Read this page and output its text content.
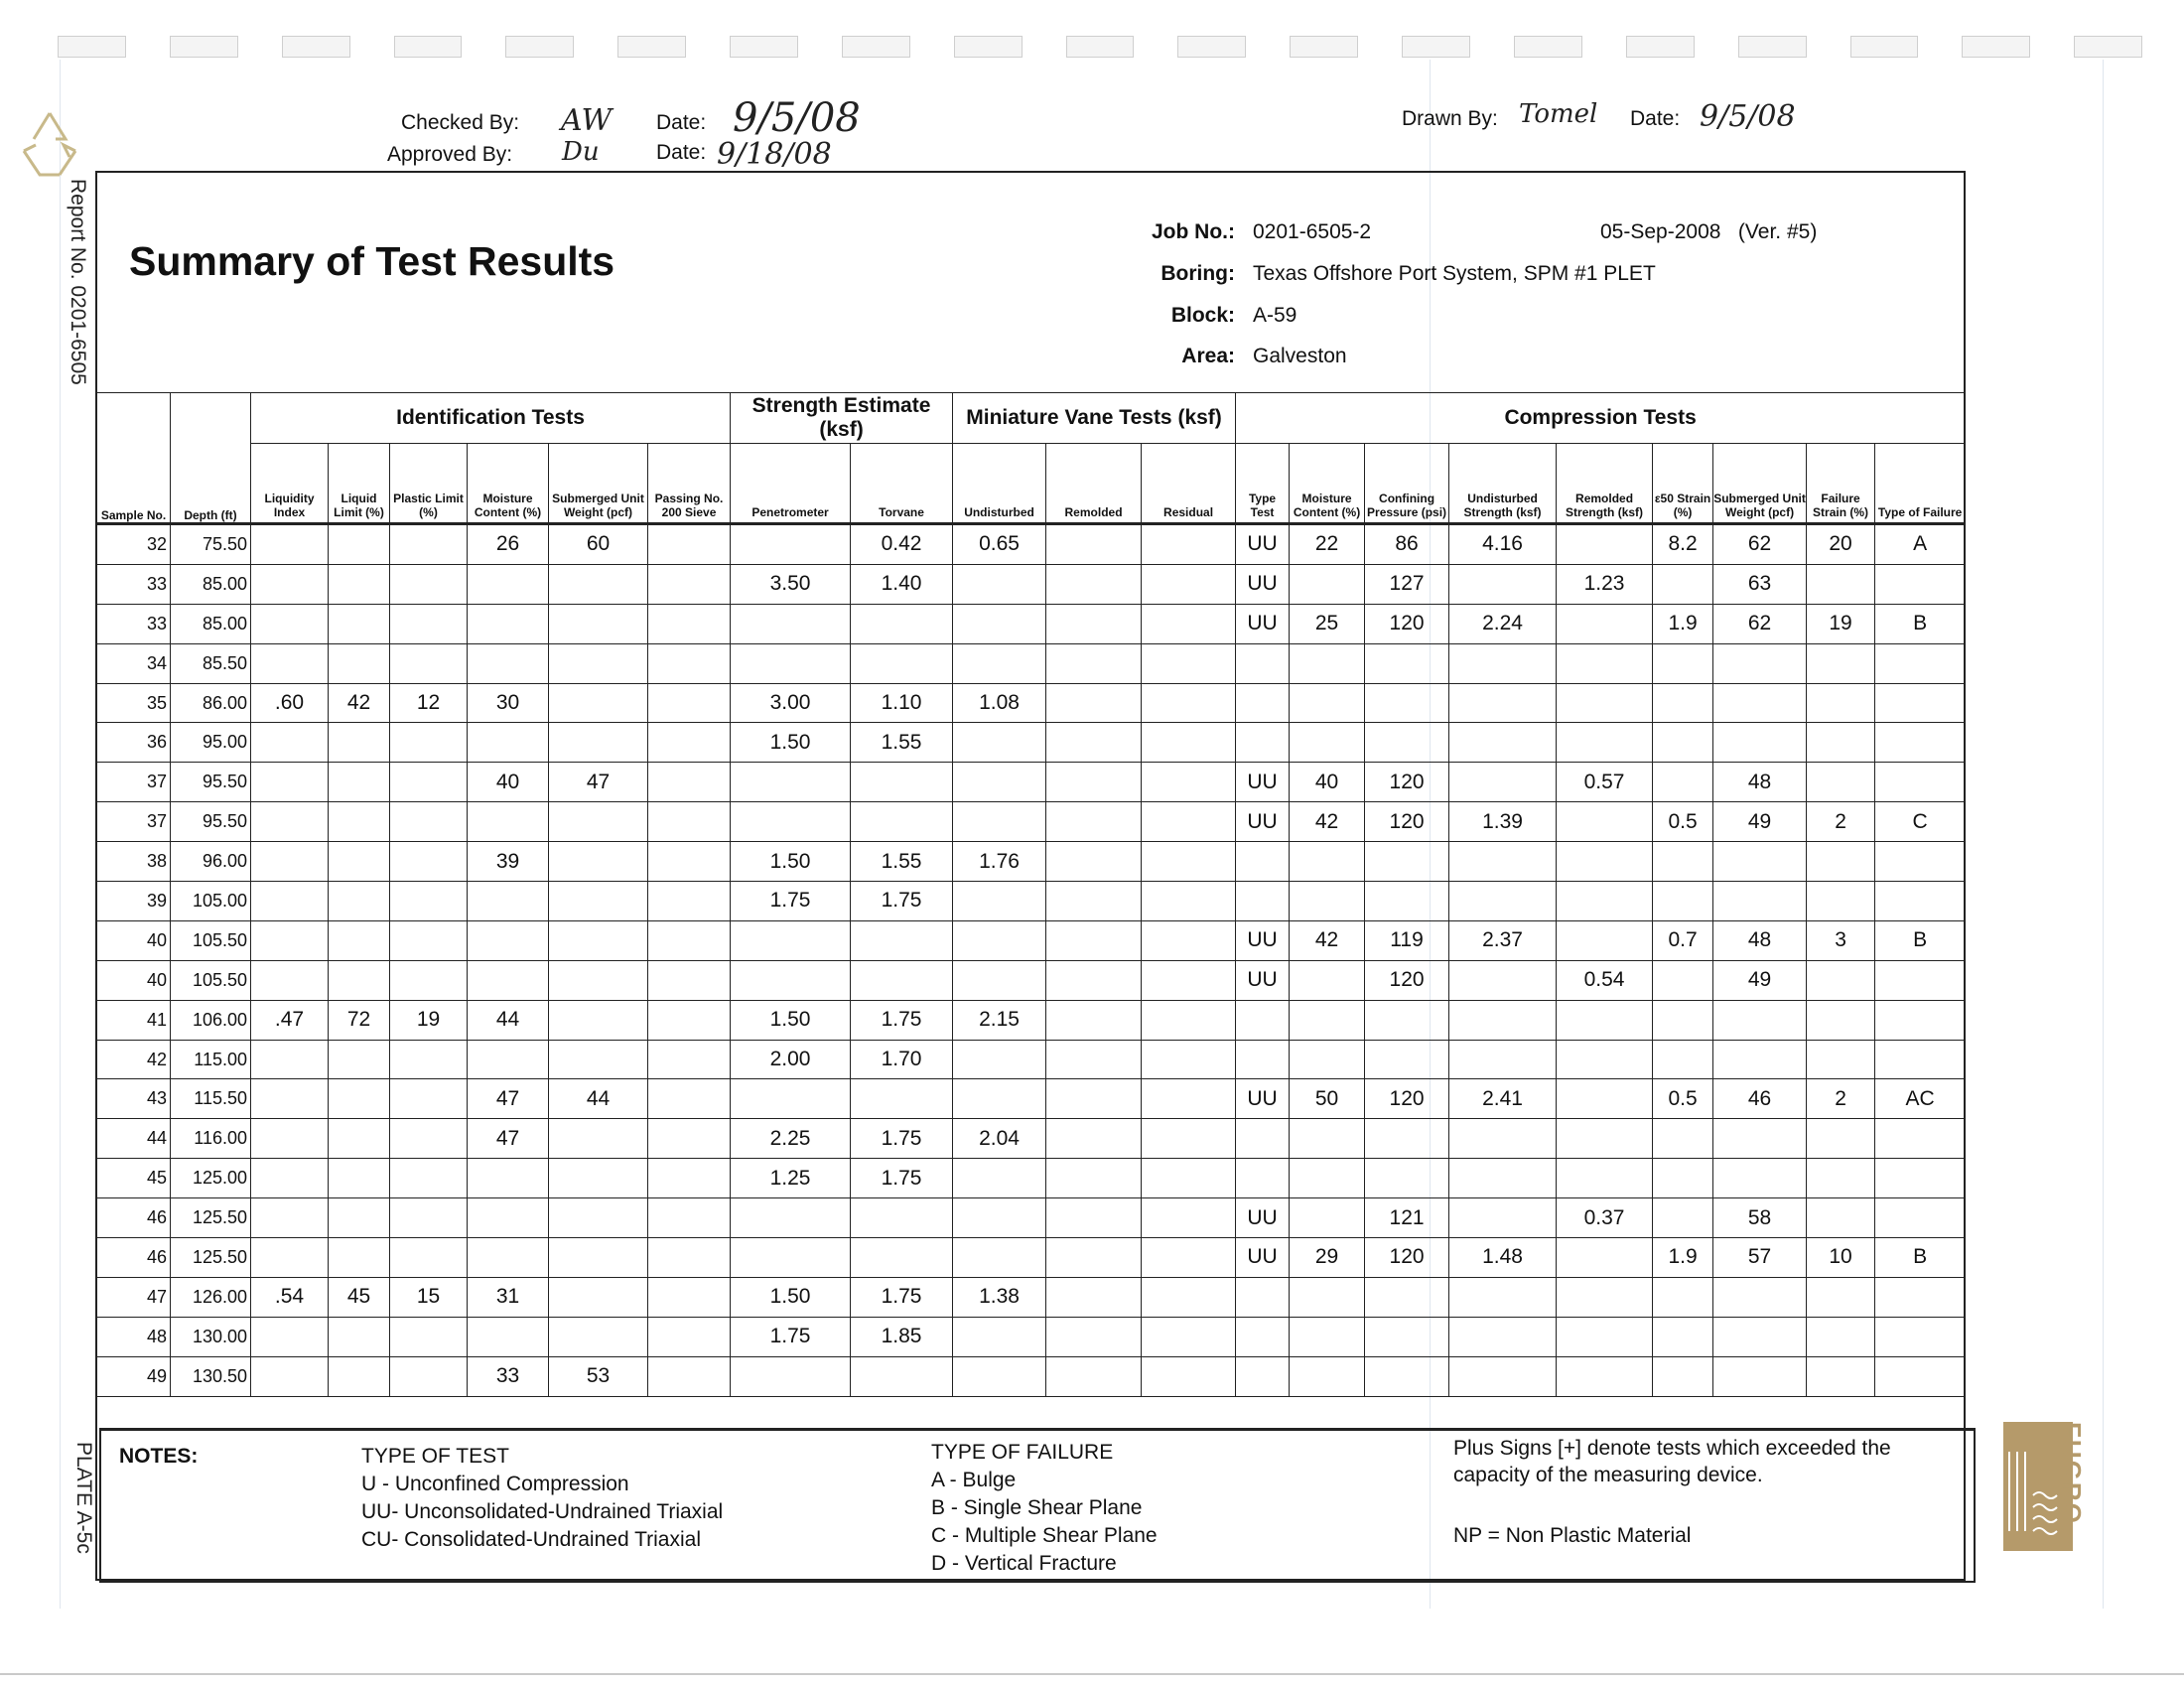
Report No. 0201-6505
PLATE A-5c
Checked By: AW
Approved By: Du
Date: 9/5/08
Date: 9/18/08
Drawn By: Tomel Date: 9/5/08
Summary of Test Results
Job No.: 0201-6505-2	05-Sep-2008   (Ver. #5)
Boring: Texas Offshore Port System, SPM #1 PLET
Block: A-59
Area: Galveston
Sample No.	Depth (ft)	Identification Tests						Strength Estimate (ksf)		Miniature Vane Tests (ksf)			Compression Tests								
		Liquidity Index	Liquid Limit (%)	Plastic Limit (%)	Moisture Content (%)	Submerged Unit Weight (pcf)	Passing No. 200 Sieve	Penetrometer	Torvane	Undisturbed	Remolded	Residual	Type Test	Moisture Content (%)	Confining Pressure (psi)	Undisturbed Strength (ksf)	Remolded Strength (ksf)	ε50 Strain (%)	Submerged Unit Weight (pcf)	Failure Strain (%)	Type of Failure
32	75.50				26	60			0.42	0.65			UU	22	86	4.16		8.2	62	20	A
33	85.00							3.50	1.40				UU		127		1.23		63		
33	85.00												UU	25	120	2.24		1.9	62	19	B
34	85.50																				
35	86.00	.60	42	12	30			3.00	1.10	1.08											
36	95.00							1.50	1.55												
37	95.50				40	47							UU	40	120		0.57		48		
37	95.50												UU	42	120	1.39		0.5	49	2	C
38	96.00				39			1.50	1.55	1.76											
39	105.00							1.75	1.75												
40	105.50												UU	42	119	2.37		0.7	48	3	B
40	105.50												UU		120		0.54		49		
41	106.00	.47	72	19	44			1.50	1.75	2.15											
42	115.00							2.00	1.70												
43	115.50				47	44							UU	50	120	2.41		0.5	46	2	AC
44	116.00				47			2.25	1.75	2.04											
45	125.00							1.25	1.75												
46	125.50												UU		121		0.37		58		
46	125.50												UU	29	120	1.48		1.9	57	10	B
47	126.00	.54	45	15	31			1.50	1.75	1.38											
48	130.00							1.75	1.85												
49	130.50				33	53															
NOTES:	TYPE OF TEST
U - Unconfined Compression
UU- Unconsolidated-Undrained Triaxial
CU- Consolidated-Undrained Triaxial
TYPE OF FAILURE
A - Bulge
B - Single Shear Plane
C - Multiple Shear Plane
D - Vertical Fracture
Plus Signs [+] denote tests which exceeded the capacity of the measuring device.
NP = Non Plastic Material
FUGRO
